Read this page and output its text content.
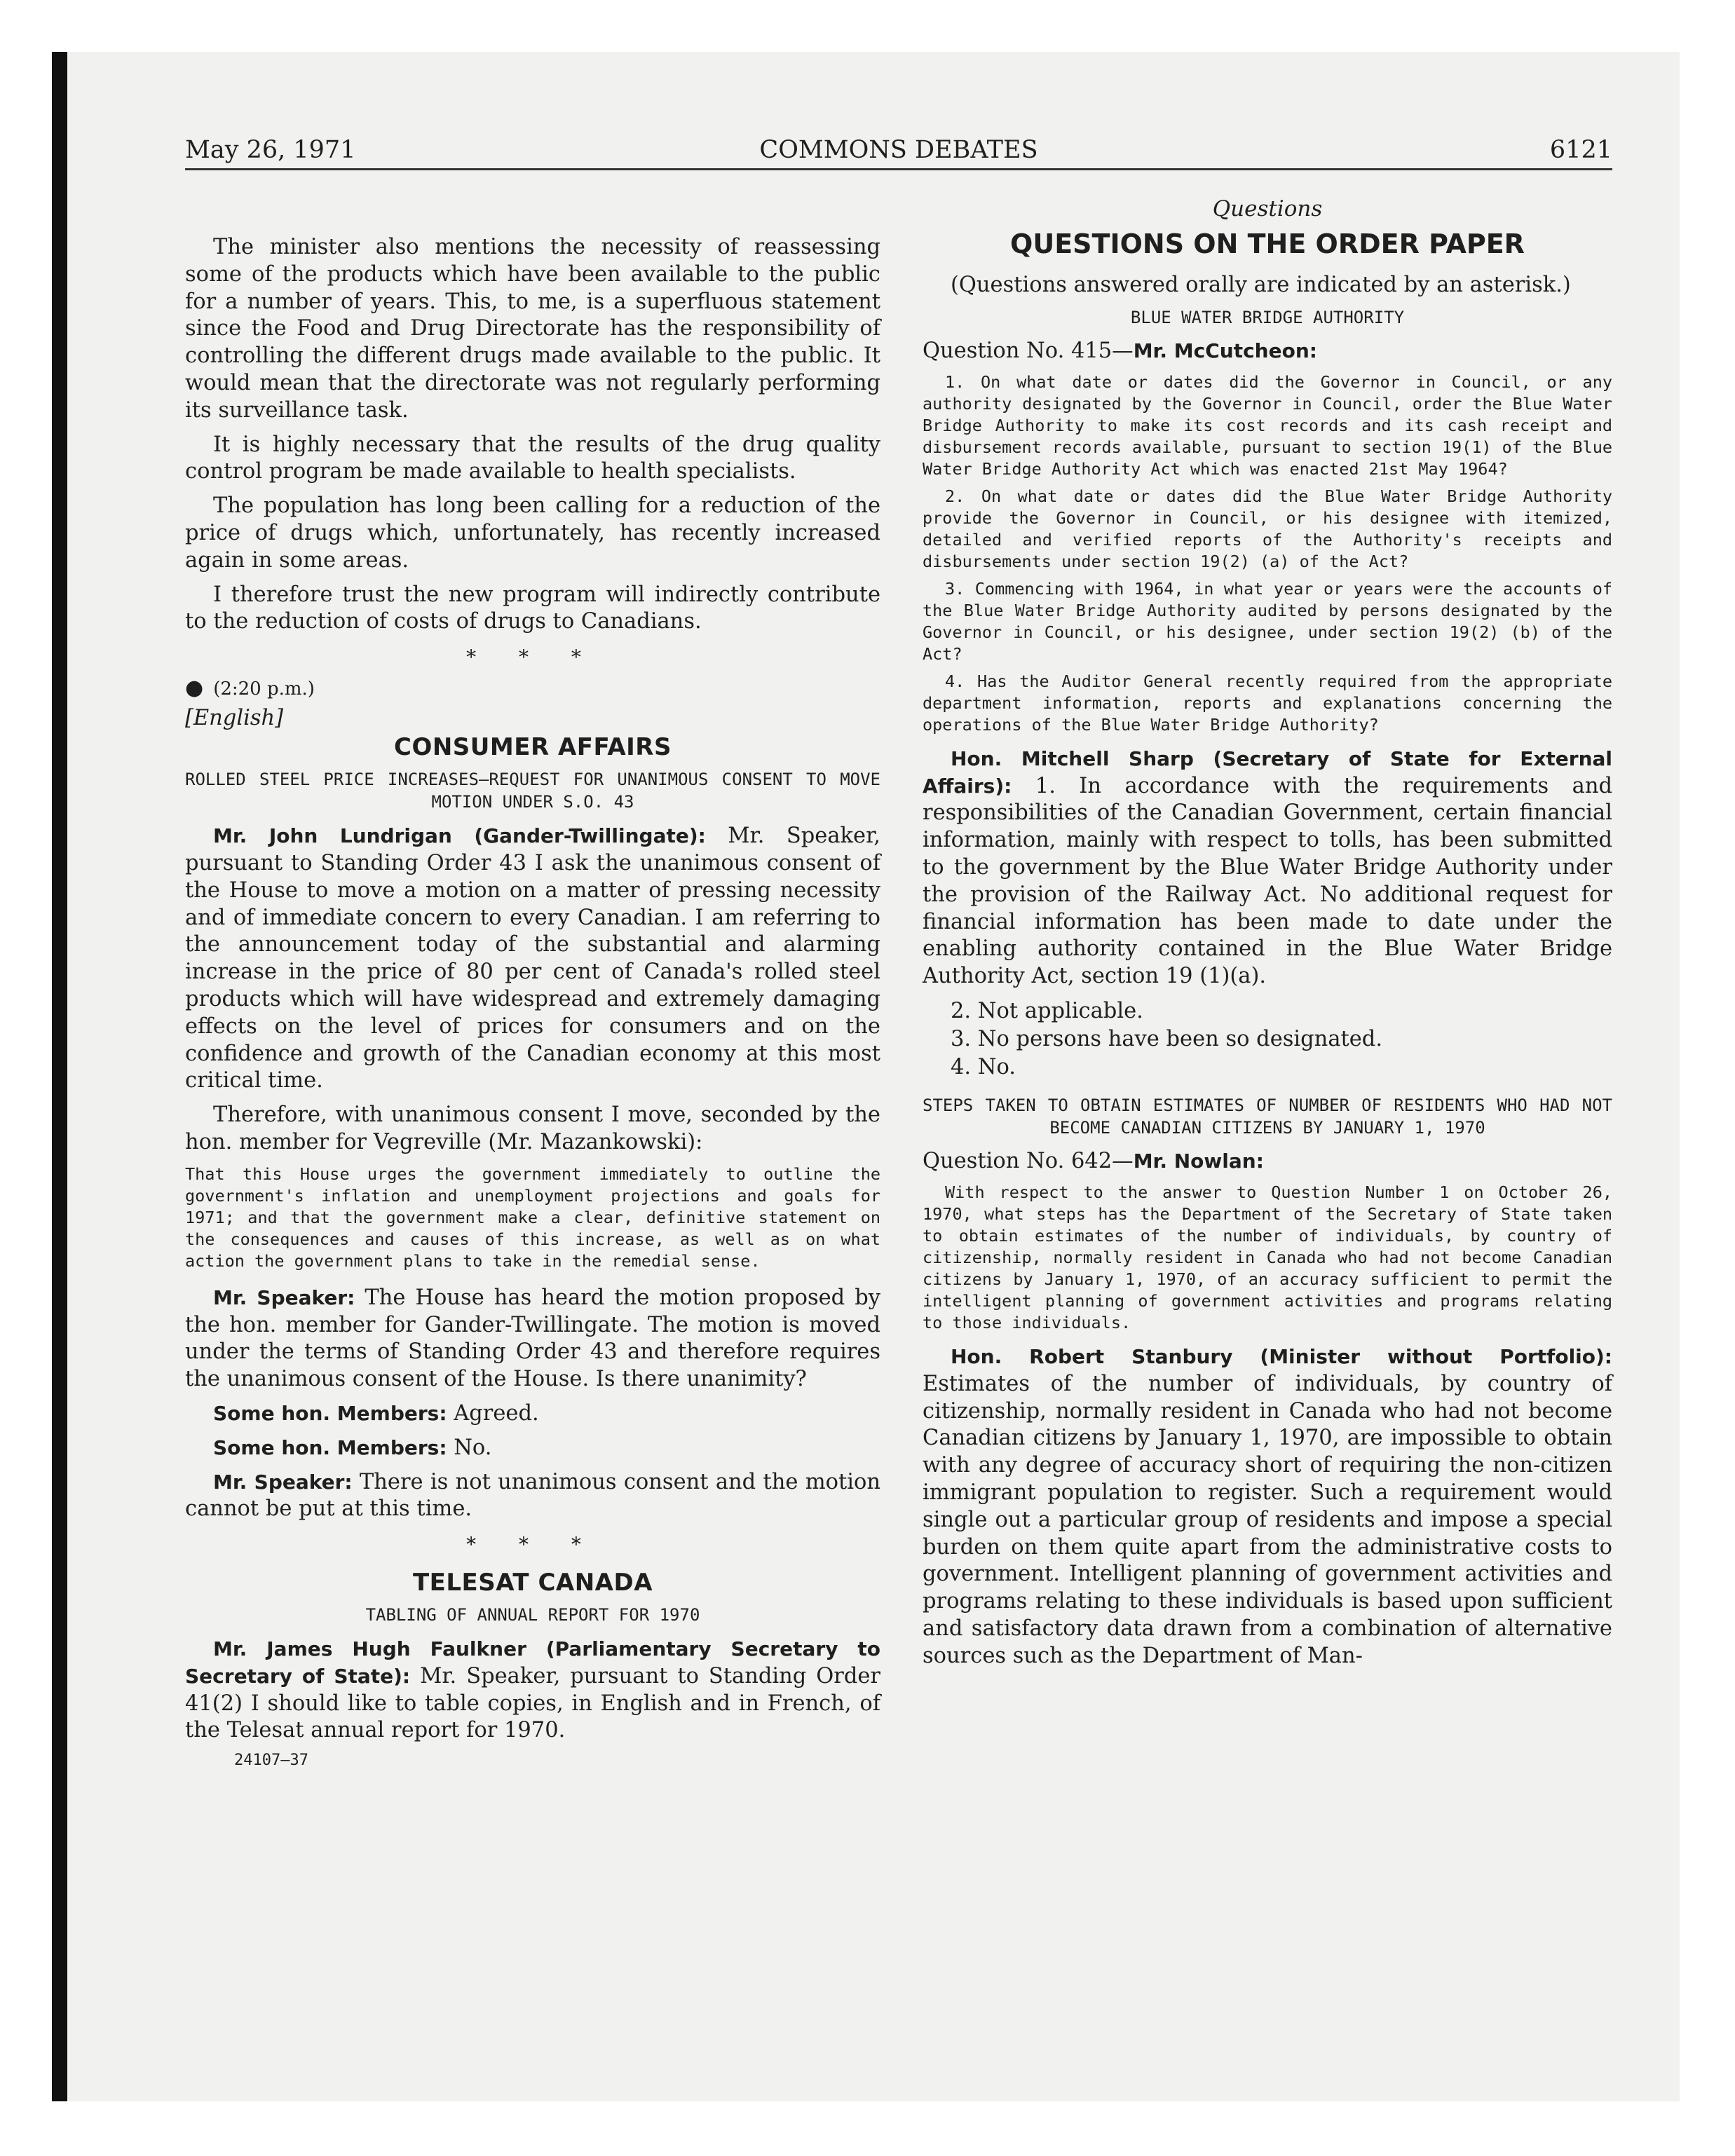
May 26, 1971	COMMONS DEBATES	6121

The minister also mentions the necessity of reassessing some of the products which have been available to the public for a number of years. This, to me, is a superfluous statement since the Food and Drug Directorate has the responsibility of controlling the different drugs made available to the public. It would mean that the directorate was not regularly performing its surveillance task.

It is highly necessary that the results of the drug quality control program be made available to health specialists.

The population has long been calling for a reduction of the price of drugs which, unfortunately, has recently increased again in some areas.

I therefore trust the new program will indirectly contribute to the reduction of costs of drugs to Canadians.

* * *
● (2:20 p.m.)
[English]
CONSUMER AFFAIRS
ROLLED STEEL PRICE INCREASES—REQUEST FOR UNANIMOUS CONSENT TO MOVE MOTION UNDER S.O. 43

Mr. John Lundrigan (Gander-Twillingate): Mr. Speaker, pursuant to Standing Order 43 I ask the unanimous consent of the House to move a motion on a matter of pressing necessity and of immediate concern to every Canadian. I am referring to the announcement today of the substantial and alarming increase in the price of 80 per cent of Canada's rolled steel products which will have widespread and extremely damaging effects on the level of prices for consumers and on the confidence and growth of the Canadian economy at this most critical time.

Therefore, with unanimous consent I move, seconded by the hon. member for Vegreville (Mr. Mazankowski):

That this House urges the government immediately to outline the government's inflation and unemployment projections and goals for 1971; and that the government make a clear, definitive statement on the consequences and causes of this increase, as well as on what action the government plans to take in the remedial sense.

Mr. Speaker: The House has heard the motion proposed by the hon. member for Gander-Twillingate. The motion is moved under the terms of Standing Order 43 and therefore requires the unanimous consent of the House. Is there unanimity?

Some hon. Members: Agreed.

Some hon. Members: No.

Mr. Speaker: There is not unanimous consent and the motion cannot be put at this time.

* * *
TELESAT CANADA
TABLING OF ANNUAL REPORT FOR 1970

Mr. James Hugh Faulkner (Parliamentary Secretary to Secretary of State): Mr. Speaker, pursuant to Standing Order 41(2) I should like to table copies, in English and in French, of the Telesat annual report for 1970.

24107—37
Questions
QUESTIONS ON THE ORDER PAPER

(Questions answered orally are indicated by an asterisk.)

BLUE WATER BRIDGE AUTHORITY
Question No. 415—Mr. McCutcheon:

1. On what date or dates did the Governor in Council, or any authority designated by the Governor in Council, order the Blue Water Bridge Authority to make its cost records and its cash receipt and disbursement records available, pursuant to section 19(1) of the Blue Water Bridge Authority Act which was enacted 21st May 1964?

2. On what date or dates did the Blue Water Bridge Authority provide the Governor in Council, or his designee with itemized, detailed and verified reports of the Authority's receipts and disbursements under section 19(2) (a) of the Act?

3. Commencing with 1964, in what year or years were the accounts of the Blue Water Bridge Authority audited by persons designated by the Governor in Council, or his designee, under section 19(2) (b) of the Act?

4. Has the Auditor General recently required from the appropriate department information, reports and explanations concerning the operations of the Blue Water Bridge Authority?

Hon. Mitchell Sharp (Secretary of State for External Affairs): 1. In accordance with the requirements and responsibilities of the Canadian Government, certain financial information, mainly with respect to tolls, has been submitted to the government by the Blue Water Bridge Authority under the provision of the Railway Act. No additional request for financial information has been made to date under the enabling authority contained in the Blue Water Bridge Authority Act, section 19 (1)(a).

2. Not applicable.

3. No persons have been so designated.

4. No.

STEPS TAKEN TO OBTAIN ESTIMATES OF NUMBER OF RESIDENTS WHO HAD NOT BECOME CANADIAN CITIZENS BY JANUARY 1, 1970
Question No. 642—Mr. Nowlan:

With respect to the answer to Question Number 1 on October 26, 1970, what steps has the Department of the Secretary of State taken to obtain estimates of the number of individuals, by country of citizenship, normally resident in Canada who had not become Canadian citizens by January 1, 1970, of an accuracy sufficient to permit the intelligent planning of government activities and programs relating to those individuals.

Hon. Robert Stanbury (Minister without Portfolio): Estimates of the number of individuals, by country of citizenship, normally resident in Canada who had not become Canadian citizens by January 1, 1970, are impossible to obtain with any degree of accuracy short of requiring the non-citizen immigrant population to register. Such a requirement would single out a particular group of residents and impose a special burden on them quite apart from the administrative costs to government. Intelligent planning of government activities and programs relating to these individuals is based upon sufficient and satisfactory data drawn from a combination of alternative sources such as the Department of Man-
